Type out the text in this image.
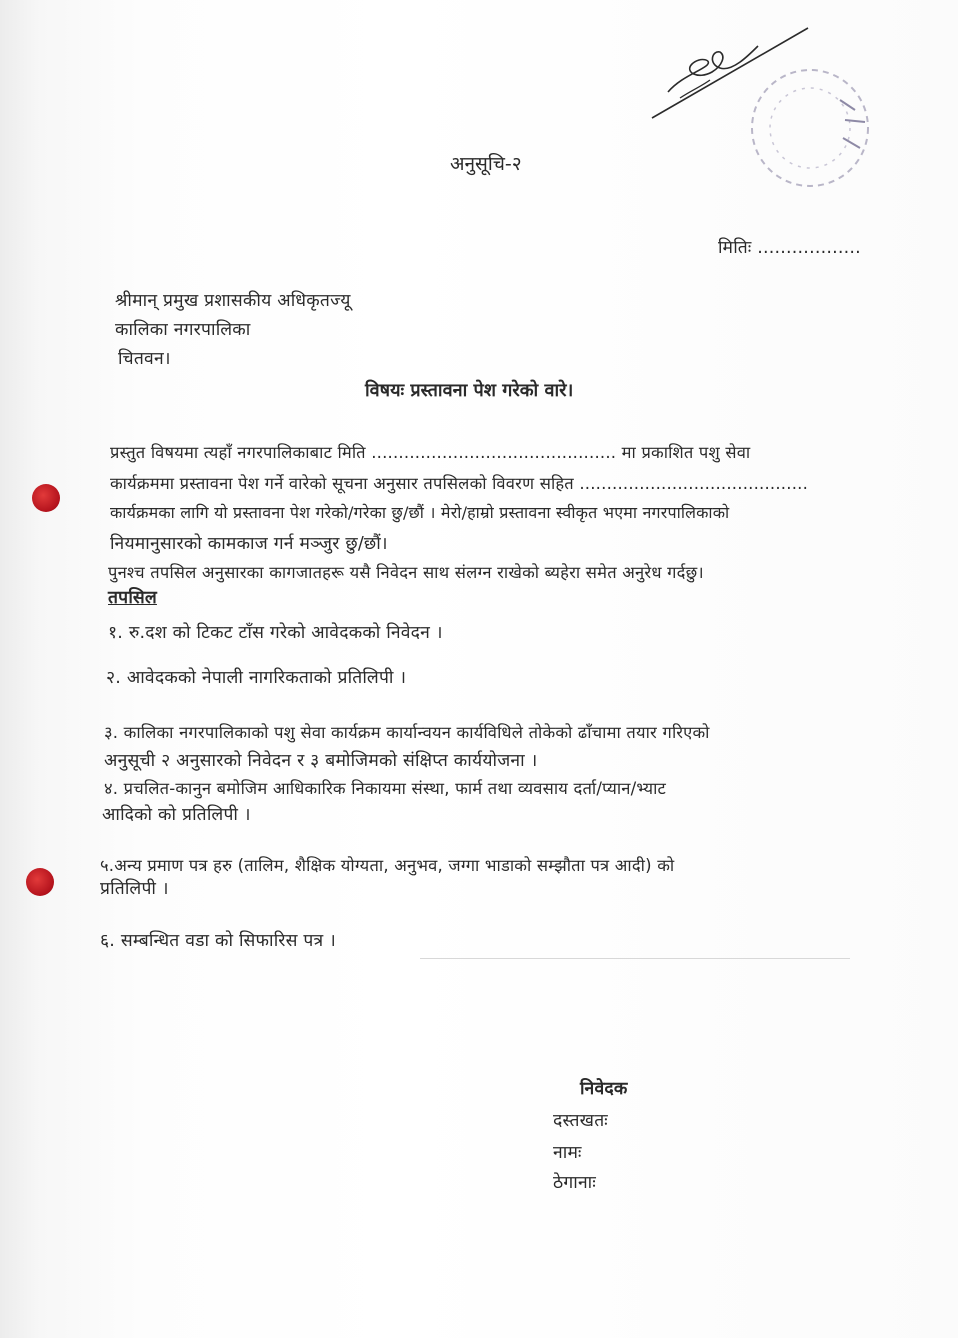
अनुसूचि-२
मितिः ..................
श्रीमान् प्रमुख प्रशासकीय अधिकृतज्यू
कालिका नगरपालिका
चितवन।
विषयः प्रस्तावना पेश गरेको वारे।
प्रस्तुत विषयमा त्यहाँ नगरपालिकाबाट मिति ............................................. मा प्रकाशित पशु सेवा
कार्यक्रममा प्रस्तावना पेश गर्ने वारेको सूचना अनुसार तपसिलको विवरण सहित ..........................................
कार्यक्रमका लागि यो प्रस्तावना पेश गरेको/गरेका छु/छौं । मेरो/हाम्रो प्रस्तावना स्वीकृत भएमा नगरपालिकाको
नियमानुसारको कामकाज गर्न मञ्जुर छु/छौं।
पुनश्च तपसिल अनुसारका कागजातहरू यसै निवेदन साथ संलग्न राखेको ब्यहेरा समेत अनुरेध गर्दछु।
तपसिल
१. रु.दश को टिकट टाँस गरेको आवेदकको निवेदन ।
२. आवेदकको नेपाली नागरिकताको प्रतिलिपी ।
३. कालिका नगरपालिकाको पशु सेवा कार्यक्रम कार्यान्वयन कार्यविधिले तोकेको ढाँचामा तयार गरिएको
अनुसूची २ अनुसारको निवेदन र ३ बमोजिमको संक्षिप्त कार्ययोजना ।
४. प्रचलित-कानुन बमोजिम आधिकारिक निकायमा संस्था, फार्म तथा व्यवसाय दर्ता/प्यान/भ्याट
आदिको को प्रतिलिपी ।
५.अन्य प्रमाण पत्र हरु (तालिम, शैक्षिक योग्यता, अनुभव, जग्गा भाडाको सम्झौता पत्र आदी) को
प्रतिलिपी ।
६. सम्बन्धित वडा को सिफारिस पत्र ।
निवेदक
दस्तखतः
नामः
ठेगानाः
